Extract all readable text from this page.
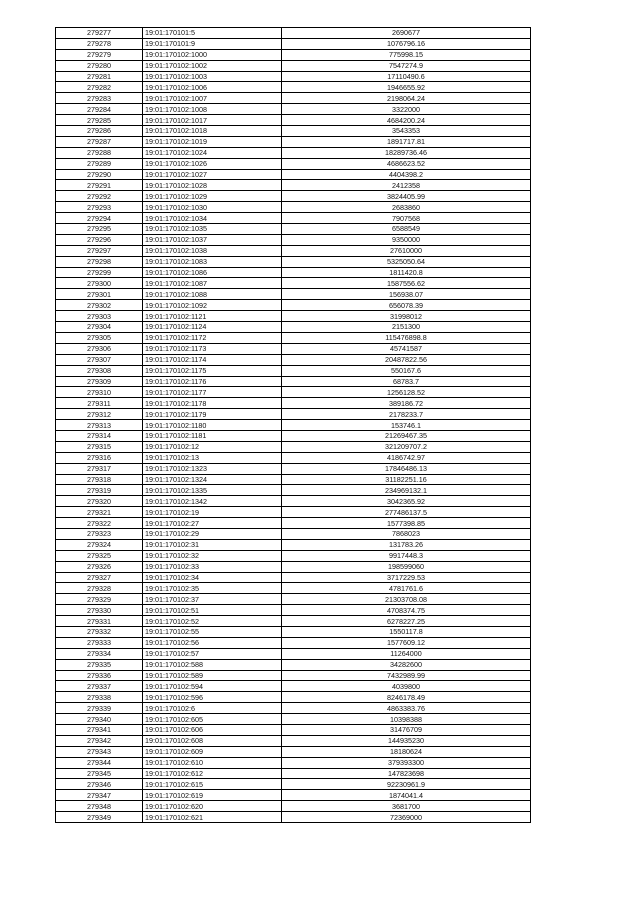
279277	19:01:170101:5	2690677
279278	19:01:170101:9	1076796.16
279279	19:01:170102:1000	775998.15
279280	19:01:170102:1002	7547274.9
279281	19:01:170102:1003	17110490.6
279282	19:01:170102:1006	1946655.92
279283	19:01:170102:1007	2198064.24
279284	19:01:170102:1008	3322000
279285	19:01:170102:1017	4684200.24
279286	19:01:170102:1018	3543353
279287	19:01:170102:1019	1891717.81
279288	19:01:170102:1024	18289736.46
279289	19:01:170102:1026	4686623.52
279290	19:01:170102:1027	4404398.2
279291	19:01:170102:1028	2412358
279292	19:01:170102:1029	3824405.99
279293	19:01:170102:1030	2683860
279294	19:01:170102:1034	7907568
279295	19:01:170102:1035	6588549
279296	19:01:170102:1037	9350000
279297	19:01:170102:1038	27610000
279298	19:01:170102:1083	5325050.64
279299	19:01:170102:1086	1811420.8
279300	19:01:170102:1087	1587556.62
279301	19:01:170102:1088	156938.07
279302	19:01:170102:1092	656078.39
279303	19:01:170102:1121	31998012
279304	19:01:170102:1124	2151300
279305	19:01:170102:1172	115476898.8
279306	19:01:170102:1173	45741587
279307	19:01:170102:1174	20487822.56
279308	19:01:170102:1175	550167.6
279309	19:01:170102:1176	68783.7
279310	19:01:170102:1177	1256128.52
279311	19:01:170102:1178	389186.72
279312	19:01:170102:1179	2178233.7
279313	19:01:170102:1180	153746.1
279314	19:01:170102:1181	21269467.35
279315	19:01:170102:12	321209707.2
279316	19:01:170102:13	4186742.97
279317	19:01:170102:1323	17846486.13
279318	19:01:170102:1324	31182251.16
279319	19:01:170102:1335	234969132.1
279320	19:01:170102:1342	3042365.92
279321	19:01:170102:19	277486137.5
279322	19:01:170102:27	1577398.85
279323	19:01:170102:29	7868023
279324	19:01:170102:31	131783.26
279325	19:01:170102:32	9917448.3
279326	19:01:170102:33	198599060
279327	19:01:170102:34	3717229.53
279328	19:01:170102:35	4781761.6
279329	19:01:170102:37	21303708.08
279330	19:01:170102:51	4708374.75
279331	19:01:170102:52	6278227.25
279332	19:01:170102:55	1550117.8
279333	19:01:170102:56	1577609.12
279334	19:01:170102:57	11264000
279335	19:01:170102:588	34282600
279336	19:01:170102:589	7432989.99
279337	19:01:170102:594	4039800
279338	19:01:170102:596	8246178.49
279339	19:01:170102:6	4863383.76
279340	19:01:170102:605	10398388
279341	19:01:170102:606	31476709
279342	19:01:170102:608	144935230
279343	19:01:170102:609	18180624
279344	19:01:170102:610	379393300
279345	19:01:170102:612	147823698
279346	19:01:170102:615	92230961.9
279347	19:01:170102:619	1874041.4
279348	19:01:170102:620	3681700
279349	19:01:170102:621	72369000
